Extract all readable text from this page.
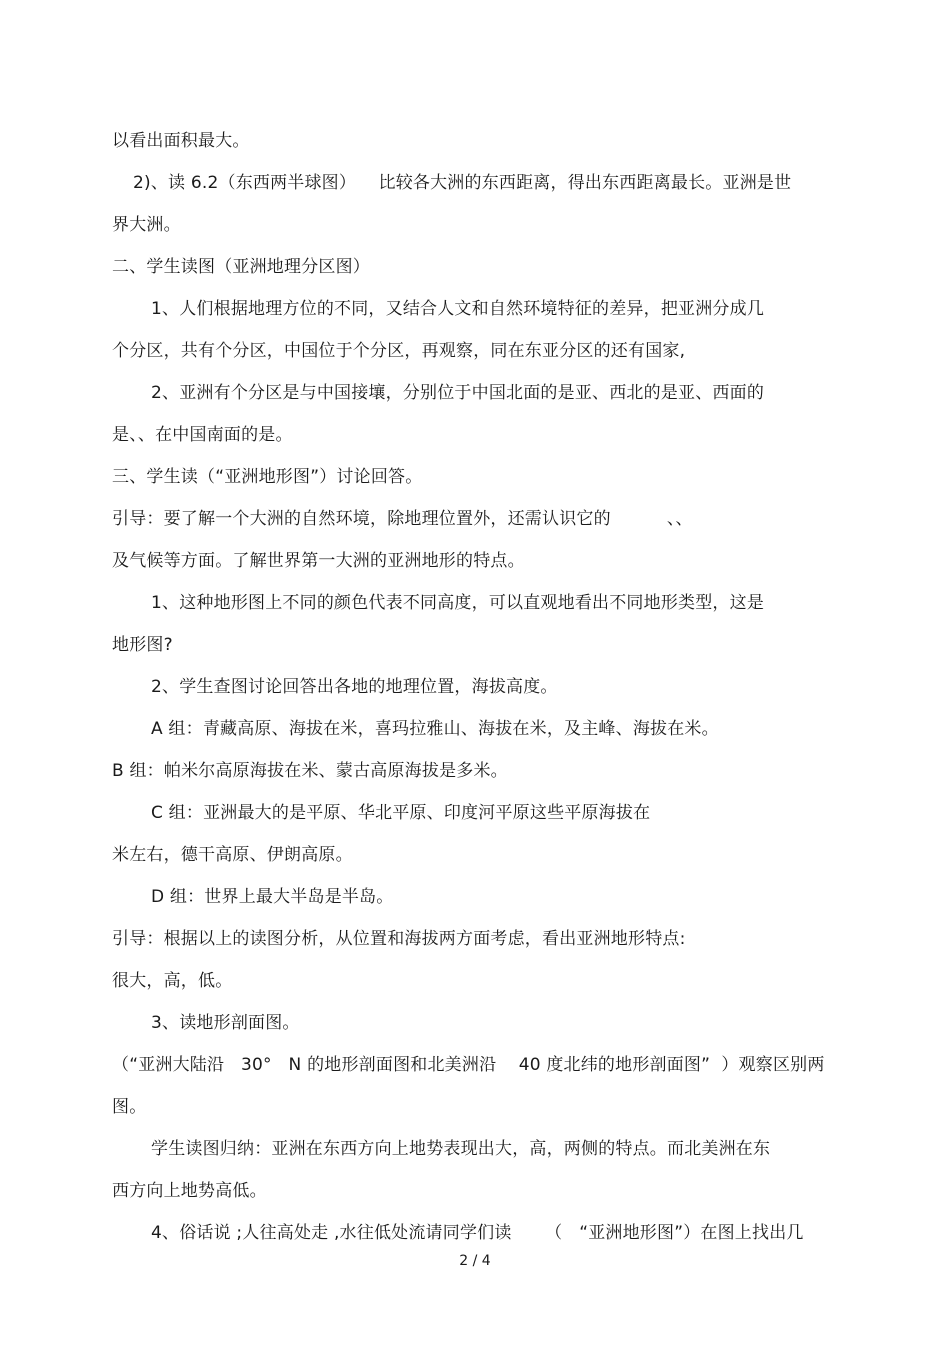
以看出面积最大。
2)、读 6.2（东西两半球图）    比较各大洲的东西距离，得出东西距离最长。亚洲是世
界大洲。
二、学生读图（亚洲地理分区图）
1、人们根据地理方位的不同，又结合人文和自然环境特征的差异，把亚洲分成几
个分区，共有个分区，中国位于个分区，再观察，同在东亚分区的还有国家,
2、亚洲有个分区是与中国接壤，分别位于中国北面的是亚、西北的是亚、西面的
是、、在中国南面的是。
三、学生读（“亚洲地形图”）讨论回答。
引导：要了解一个大洲的自然环境，除地理位置外，还需认识它的          、、
及气候等方面。了解世界第一大洲的亚洲地形的特点。
1、这种地形图上不同的颜色代表不同高度，可以直观地看出不同地形类型，这是
地形图?
2、学生查图讨论回答出各地的地理位置，海拔高度。
A 组：青藏高原、海拔在米，喜玛拉雅山、海拔在米，及主峰、海拔在米。
B 组：帕米尔高原海拔在米、蒙古高原海拔是多米。
C 组：亚洲最大的是平原、华北平原、印度河平原这些平原海拔在
米左右，德干高原、伊朗高原。
D 组：世界上最大半岛是半岛。
引导：根据以上的读图分析，从位置和海拔两方面考虑，看出亚洲地形特点:
很大，高，低。
3、读地形剖面图。
（“亚洲大陆沿   30°   N 的地形剖面图和北美洲沿    40 度北纬的地形剖面图”  ）观察区别两
图。
学生读图归纳：亚洲在东西方向上地势表现出大，高，两侧的特点。而北美洲在东
西方向上地势高低。
4、俗话说 ;人往高处走 ,水往低处流请同学们读      （   “亚洲地形图”）在图上找出几
2 / 4
